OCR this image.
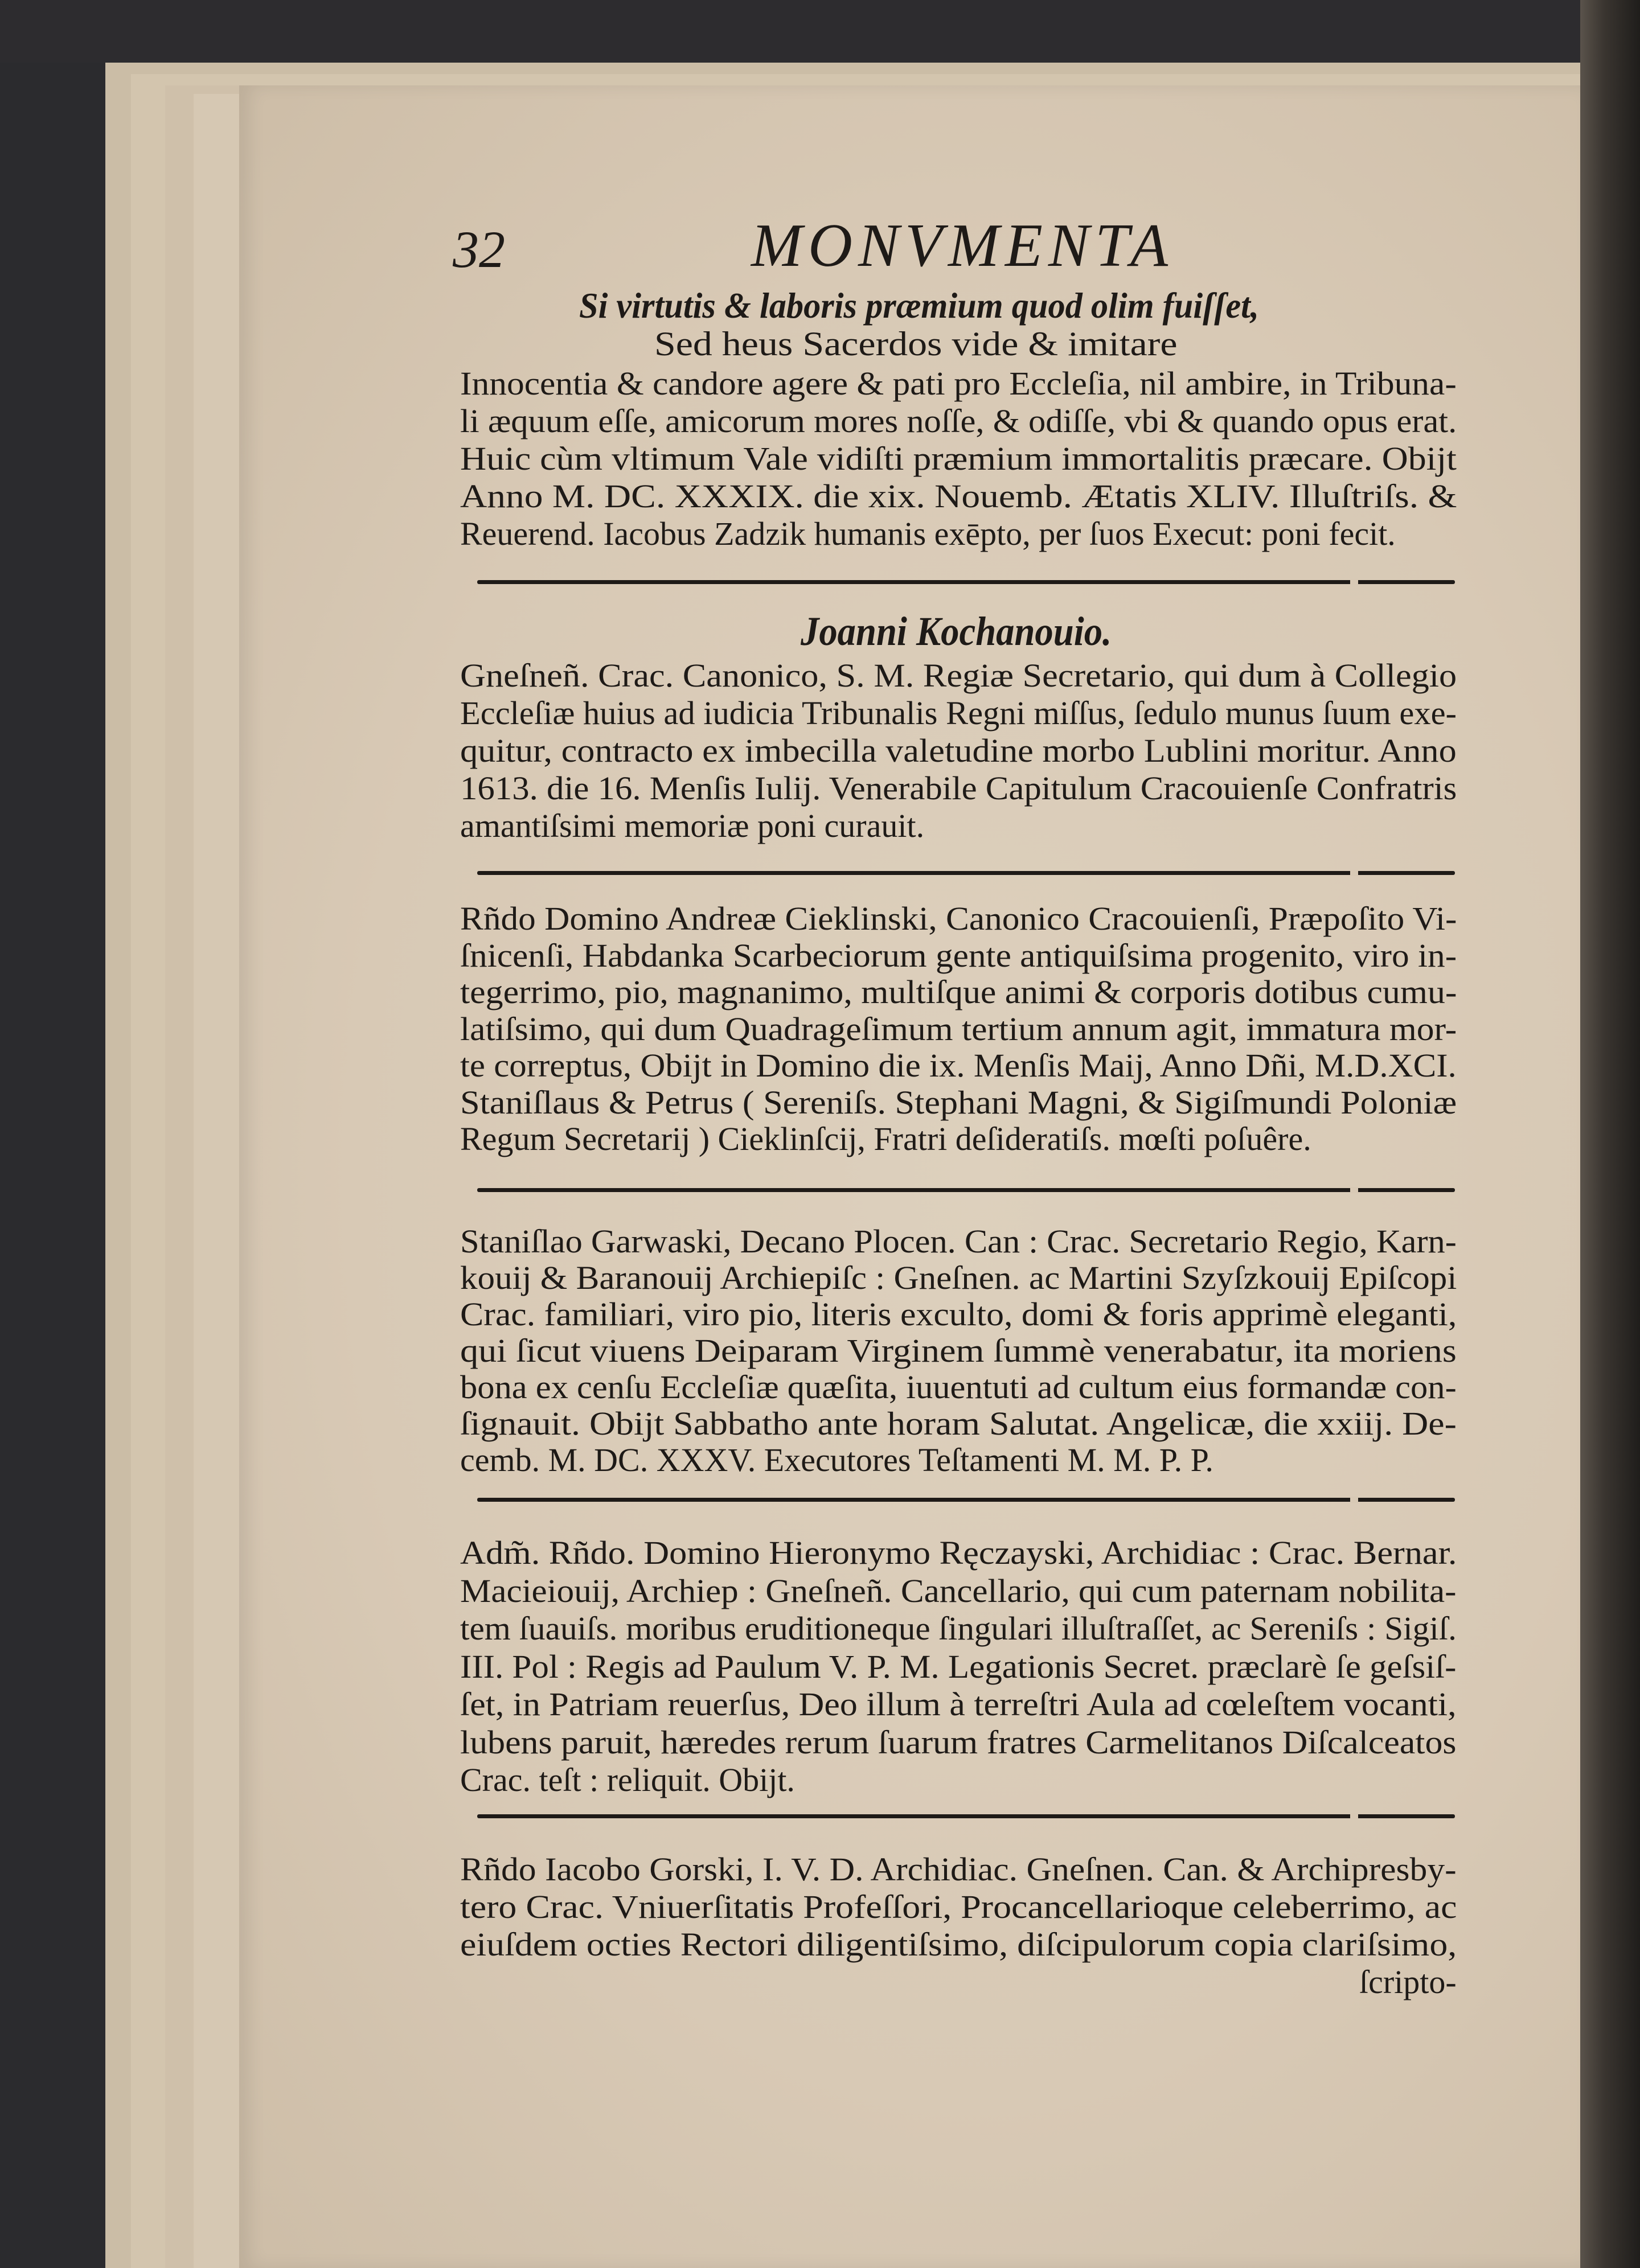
32	MONVMENTA
Si virtutis & laboris præmium quod olim fuiſſet,
Sed heus Sacerdos vide & imitare
Joanni Kochanouio.
Innocentia & candore agere & pati pro Eccleſia, nil ambire, in Tribuna-
li æquum eſſe, amicorum mores noſſe, & odiſſe, vbi & quando opus erat.
Huic cùm vltimum Vale vidiſti præmium immortalitis præcare. Obijt
Anno M. DC. XXXIX. die xix. Nouemb. Ætatis XLIV. Illuſtriſs. &
Reuerend. Iacobus Zadzik humanis exēpto, per ſuos Execut: poni fecit.
Gneſneñ. Crac. Canonico, S. M. Regiæ Secretario, qui dum à Collegio
Eccleſiæ huius ad iudicia Tribunalis Regni miſſus, ſedulo munus ſuum exe-
quitur, contracto ex imbecilla valetudine morbo Lublini moritur. Anno
1613. die 16. Menſis Iulij. Venerabile Capitulum Cracouienſe Confratris
amantiſsimi memoriæ poni curauit.
Rñdo Domino Andreæ Cieklinski, Canonico Cracouienſi, Præpoſito Vi-
ſnicenſi, Habdanka Scarbeciorum gente antiquiſsima progenito, viro in-
tegerrimo, pio, magnanimo, multiſque animi & corporis dotibus cumu-
latiſsimo, qui dum Quadrageſimum tertium annum agit, immatura mor-
te correptus, Obijt in Domino die ix. Menſis Maij, Anno Dñi, M.D.XCI.
Staniſlaus & Petrus ( Sereniſs. Stephani Magni, & Sigiſmundi Poloniæ
Regum Secretarij ) Cieklinſcij, Fratri deſideratiſs. mœſti poſuêre.
Staniſlao Garwaski, Decano Plocen. Can : Crac. Secretario Regio, Karn-
kouij & Baranouij Archiepiſc : Gneſnen. ac Martini Szyſzkouij Epiſcopi
Crac. familiari, viro pio, literis exculto, domi & foris apprimè eleganti,
qui ſicut viuens Deiparam Virginem ſummè venerabatur, ita moriens
bona ex cenſu Eccleſiæ quæſita, iuuentuti ad cultum eius formandæ con-
ſignauit. Obijt Sabbatho ante horam Salutat. Angelicæ, die xxiij. De-
cemb. M. DC. XXXV. Executores Teſtamenti M. M. P. P.
Adm̃. Rñdo. Domino Hieronymo Ręczayski, Archidiac : Crac. Bernar.
Macieiouij, Archiep : Gneſneñ. Cancellario, qui cum paternam nobilita-
tem ſuauiſs. moribus eruditioneque ſingulari illuſtraſſet, ac Sereniſs : Sigiſ.
III. Pol : Regis ad Paulum V. P. M. Legationis Secret. præclarè ſe geſsiſ-
ſet, in Patriam reuerſus, Deo illum à terreſtri Aula ad cœleſtem vocanti,
lubens paruit, hæredes rerum ſuarum fratres Carmelitanos Diſcalceatos
Crac. teſt : reliquit. Obijt.
Rñdo Iacobo Gorski, I. V. D. Archidiac. Gneſnen. Can. & Archipresby-
tero Crac. Vniuerſitatis Profeſſori, Procancellarioque celeberrimo, ac
eiuſdem octies Rectori diligentiſsimo, diſcipulorum copia clariſsimo,
ſcripto-
